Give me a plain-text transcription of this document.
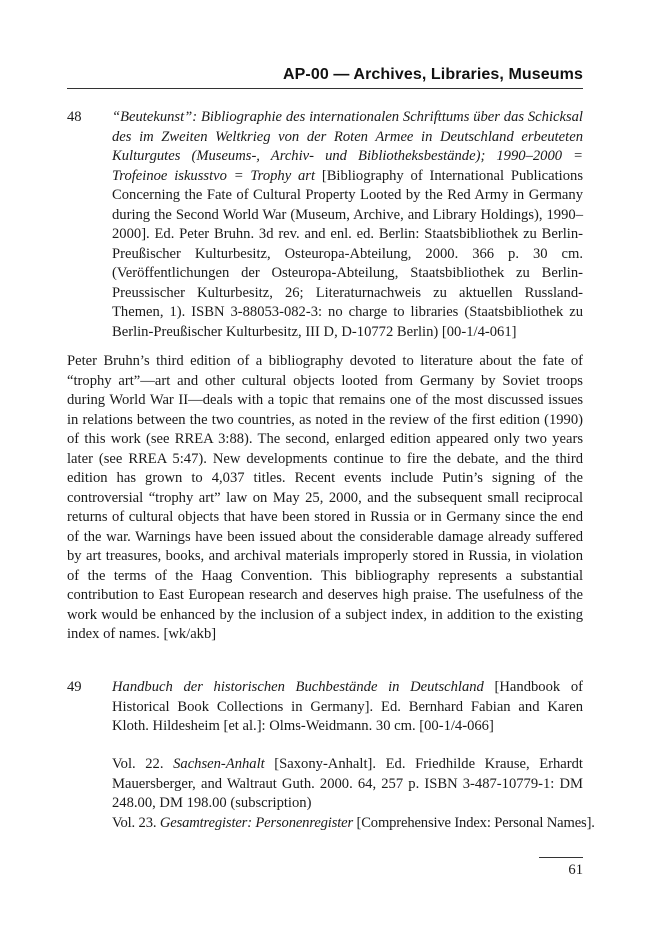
AP-00 — Archives, Libraries, Museums
48	“Beutekunst”: Bibliographie des internationalen Schrifttums über das Schicksal des im Zweiten Weltkrieg von der Roten Armee in Deutschland erbeuteten Kulturgutes (Museums-, Archiv- und Bibliotheksbestände); 1990–2000 = Trofeinoe iskusstvo = Trophy art [Bibliography of International Publications Concerning the Fate of Cultural Property Looted by the Red Army in Germany during the Second World War (Museum, Archive, and Library Holdings), 1990–2000]. Ed. Peter Bruhn. 3d rev. and enl. ed. Berlin: Staatsbibliothek zu Berlin-Preußischer Kulturbesitz, Osteuropa-Abteilung, 2000. 366 p. 30 cm. (Veröffentlichungen der Osteuropa-Abteilung, Staatsbibliothek zu Berlin-Preussischer Kulturbesitz, 26; Literaturnachweis zu aktuellen Russland-Themen, 1). ISBN 3-88053-082-3: no charge to libraries (Staatsbibliothek zu Berlin-Preußischer Kulturbesitz, III D, D-10772 Berlin) [00-1/4-061]
Peter Bruhn’s third edition of a bibliography devoted to literature about the fate of “trophy art”—art and other cultural objects looted from Germany by Soviet troops during World War II—deals with a topic that remains one of the most discussed issues in relations between the two countries, as noted in the review of the first edition (1990) of this work (see RREA 3:88). The second, enlarged edition appeared only two years later (see RREA 5:47). New developments continue to fire the debate, and the third edition has grown to 4,037 titles. Recent events include Putin’s signing of the controversial “trophy art” law on May 25, 2000, and the subsequent small reciprocal returns of cultural objects that have been stored in Russia or in Germany since the end of the war. Warnings have been issued about the considerable damage already suffered by art treasures, books, and archival materials improperly stored in Russia, in violation of the terms of the Haag Convention. This bibliography represents a substantial contribution to East European research and deserves high praise. The usefulness of the work would be enhanced by the inclusion of a subject index, in addition to the existing index of names. [wk/akb]
49	Handbuch der historischen Buchbestände in Deutschland [Handbook of Historical Book Collections in Germany]. Ed. Bernhard Fabian and Karen Kloth. Hildesheim [et al.]: Olms-Weidmann. 30 cm. [00-1/4-066]
Vol. 22. Sachsen-Anhalt [Saxony-Anhalt]. Ed. Friedhilde Krause, Erhardt Mauersberger, and Waltraut Guth. 2000. 64, 257 p. ISBN 3-487-10779-1: DM 248.00, DM 198.00 (subscription)
Vol. 23. Gesamtregister: Personenregister [Comprehensive Index: Personal Names].
61
